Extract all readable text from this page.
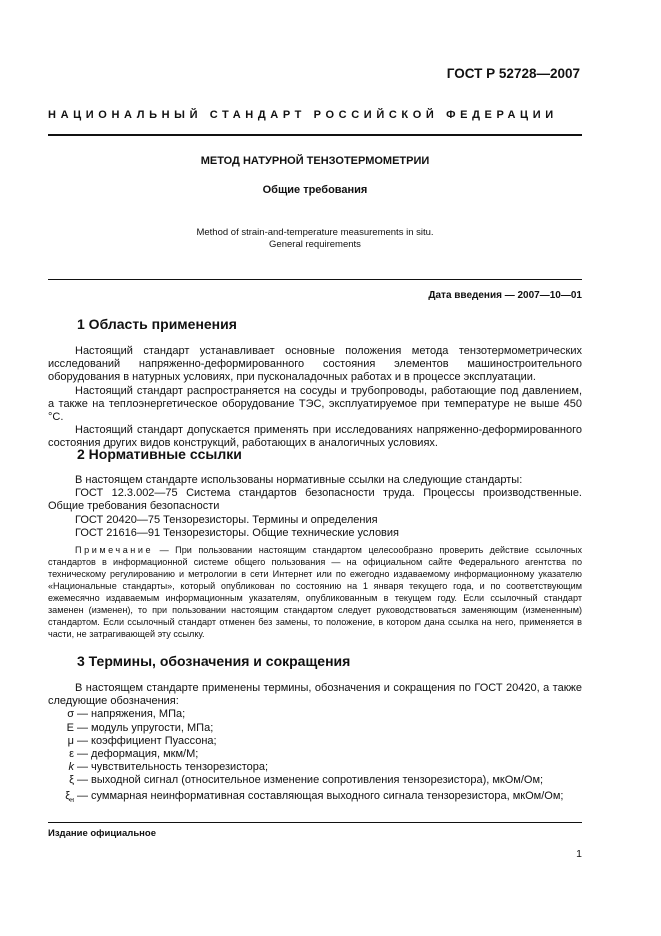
ГОСТ Р 52728—2007
НАЦИОНАЛЬНЫЙ СТАНДАРТ РОССИЙСКОЙ ФЕДЕРАЦИИ
МЕТОД НАТУРНОЙ ТЕНЗОТЕРМОМЕТРИИ
Общие требования
Method of strain-and-temperature measurements in situ.
General requirements
Дата введения — 2007—10—01
1 Область применения

Настоящий стандарт устанавливает основные положения метода тензотермометрических исследований напряженно-деформированного состояния элементов машиностроительного оборудования в натурных условиях, при пусконаладочных работах и в процессе эксплуатации.

Настоящий стандарт распространяется на сосуды и трубопроводы, работающие под давлением, а также на теплоэнергетическое оборудование ТЭС, эксплуатируемое при температуре не выше 450 °С.

Настоящий стандарт допускается применять при исследованиях напряженно-деформированного состояния других видов конструкций, работающих в аналогичных условиях.

2 Нормативные ссылки

В настоящем стандарте использованы нормативные ссылки на следующие стандарты:

ГОСТ 12.3.002—75 Система стандартов безопасности труда. Процессы производственные. Общие требования безопасности

ГОСТ 20420—75 Тензорезисторы. Термины и определения

ГОСТ 21616—91 Тензорезисторы. Общие технические условия

Примечание — При пользовании настоящим стандартом целесообразно проверить действие ссылочных стандартов в информационной системе общего пользования — на официальном сайте Федерального агентства по техническому регулированию и метрологии в сети Интернет или по ежегодно издаваемому информационному указателю «Национальные стандарты», который опубликован по состоянию на 1 января текущего года, и по соответствующим ежемесячно издаваемым информационным указателям, опубликованным в текущем году. Если ссылочный стандарт заменен (изменен), то при пользовании настоящим стандартом следует руководствоваться заменяющим (измененным) стандартом. Если ссылочный стандарт отменен без замены, то положение, в котором дана ссылка на него, применяется в части, не затрагивающей эту ссылку.

3 Термины, обозначения и сокращения

В настоящем стандарте применены термины, обозначения и сокращения по ГОСТ 20420, а также следующие обозначения:

σ — напряжения, МПа;
Е — модуль упругости, МПа;
μ — коэффициент Пуассона;
ε — деформация, мкм/М;
k — чувствительность тензорезистора;
ξ — выходной сигнал (относительное изменение сопротивления тензорезистора), мкОм/Ом;
$\xi_н$ — суммарная неинформативная составляющая выходного сигнала тензорезистора, мкОм/Ом;
Издание официальное
1
